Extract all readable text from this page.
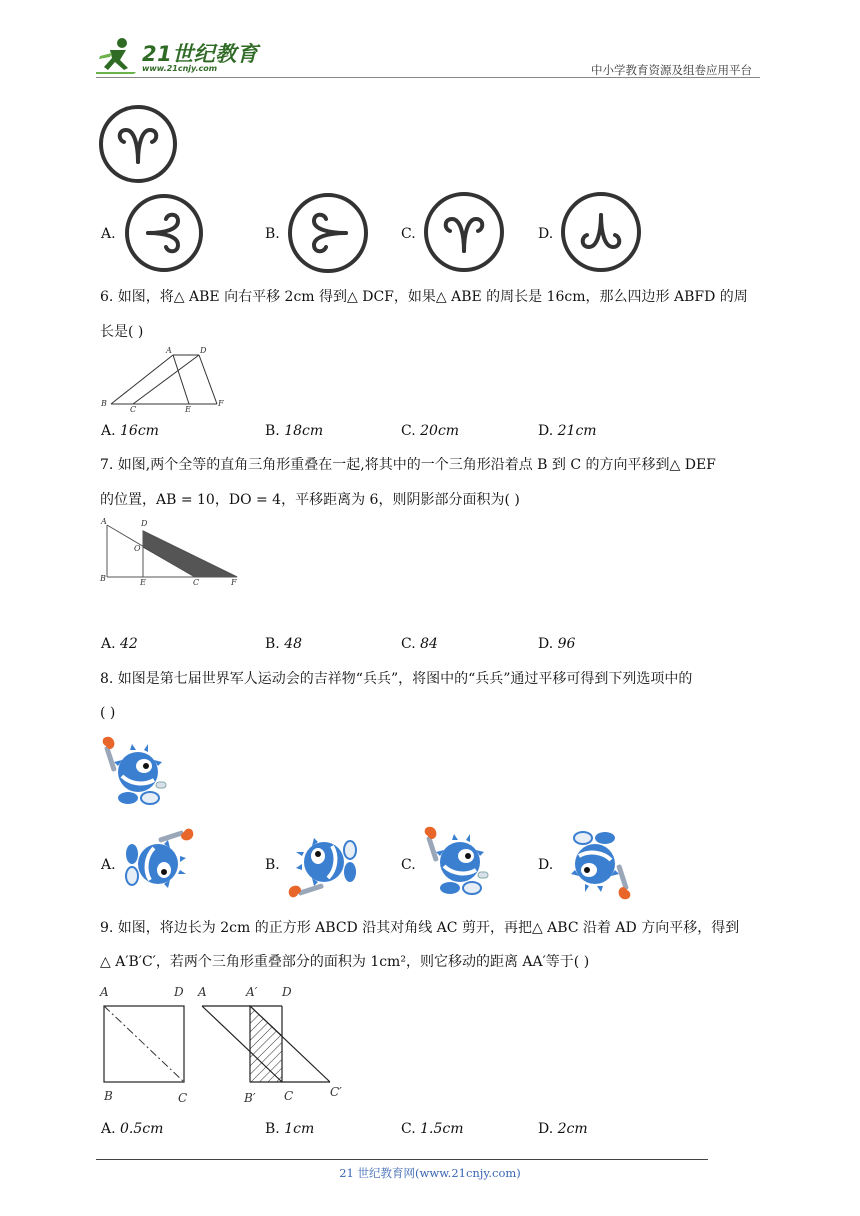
21世纪教育
www.21cnjy.com	中小学教育资源及组卷应用平台
A.	B.	C.	D.
6. 如图，将△ ABE 向右平移 2cm 得到△ DCF，如果△ ABE 的周长是 16cm，那么四边形 ABFD 的周
长是( )
A	D
B
C	E
F
A. 16cm	B. 18cm	C. 20cm	D. 21cm
7. 如图,两个全等的直角三角形重叠在一起,将其中的一个三角形沿着点 B 到 C 的方向平移到△ DEF
的位置，AB = 10，DO = 4，平移距离为 6，则阴影部分面积为( )
A	D
O
B	E	C	F
A. 42	B. 48	C. 84	D. 96
8. 如图是第七届世界军人运动会的吉祥物“兵兵”，将图中的“兵兵”通过平移可得到下列选项中的
( )
A.	B.	C.	D.
9. 如图，将边长为 2cm 的正方形 ABCD 沿其对角线 AC 剪开，再把△ ABC 沿着 AD 方向平移，得到
△ A′B′C′，若两个三角形重叠部分的面积为 1cm²，则它移动的距离 AA′等于( )
A	D
B	C
A	A′ D
B′ C	C′
A. 0.5cm	B. 1cm	C. 1.5cm	D. 2cm
21 世纪教育网(www.21cnjy.com)
